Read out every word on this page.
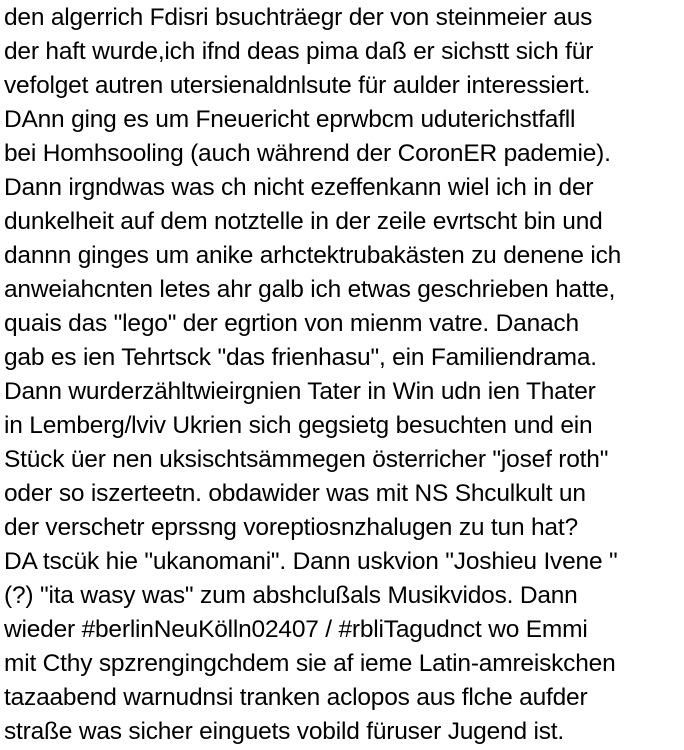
den algerrich Fdisri bsuchträegr der von steinmeier aus
der haft wurde,ich ifnd deas pima daß er sichstt sich für
vefolget autren utersienaldnlsute für aulder interessiert.
DAnn ging es um Fneuericht eprwbcm uduterichstfafll
bei Homhsooling (auch während der CoronER pademie).
Dann irgndwas was ch nicht ezeffenkann wiel ich in der
dunkelheit auf dem notztelle in der zeile evrtscht bin und
dannn ginges um anike arhctektrubakästen zu denene ich
anweiahcnten letes ahr galb ich etwas geschrieben hatte,
quais das "lego" der egrtion von mienm vatre. Danach
gab es ien Tehrtsck "das frienhasu", ein Familiendrama.
Dann wurderzähltwieirgnien Tater in Win udn ien Thater
in Lemberg/lviv Ukrien sich gegsietg besuchten und ein
Stück üer nen uksischtsämmegen österricher "josef roth"
oder so iszerteetn. obdawider was mit NS Shculkult un
der verschetr eprssng voreptiosnzhalugen zu tun hat?
DA tscük hie "ukanomani". Dann uskvion "Joshieu Ivene "
(?) "ita wasy was" zum abshclußals Musikvidos. Dann
wieder #berlinNeuKölln02407 / #rbliTagudnct wo Emmi
mit Cthy spzrengingchdem sie af ieme Latin-amreiskchen
tazaabend warnudnsi tranken aclopos aus flche aufder
straße was sicher einguets vobild füruser Jugend ist.
